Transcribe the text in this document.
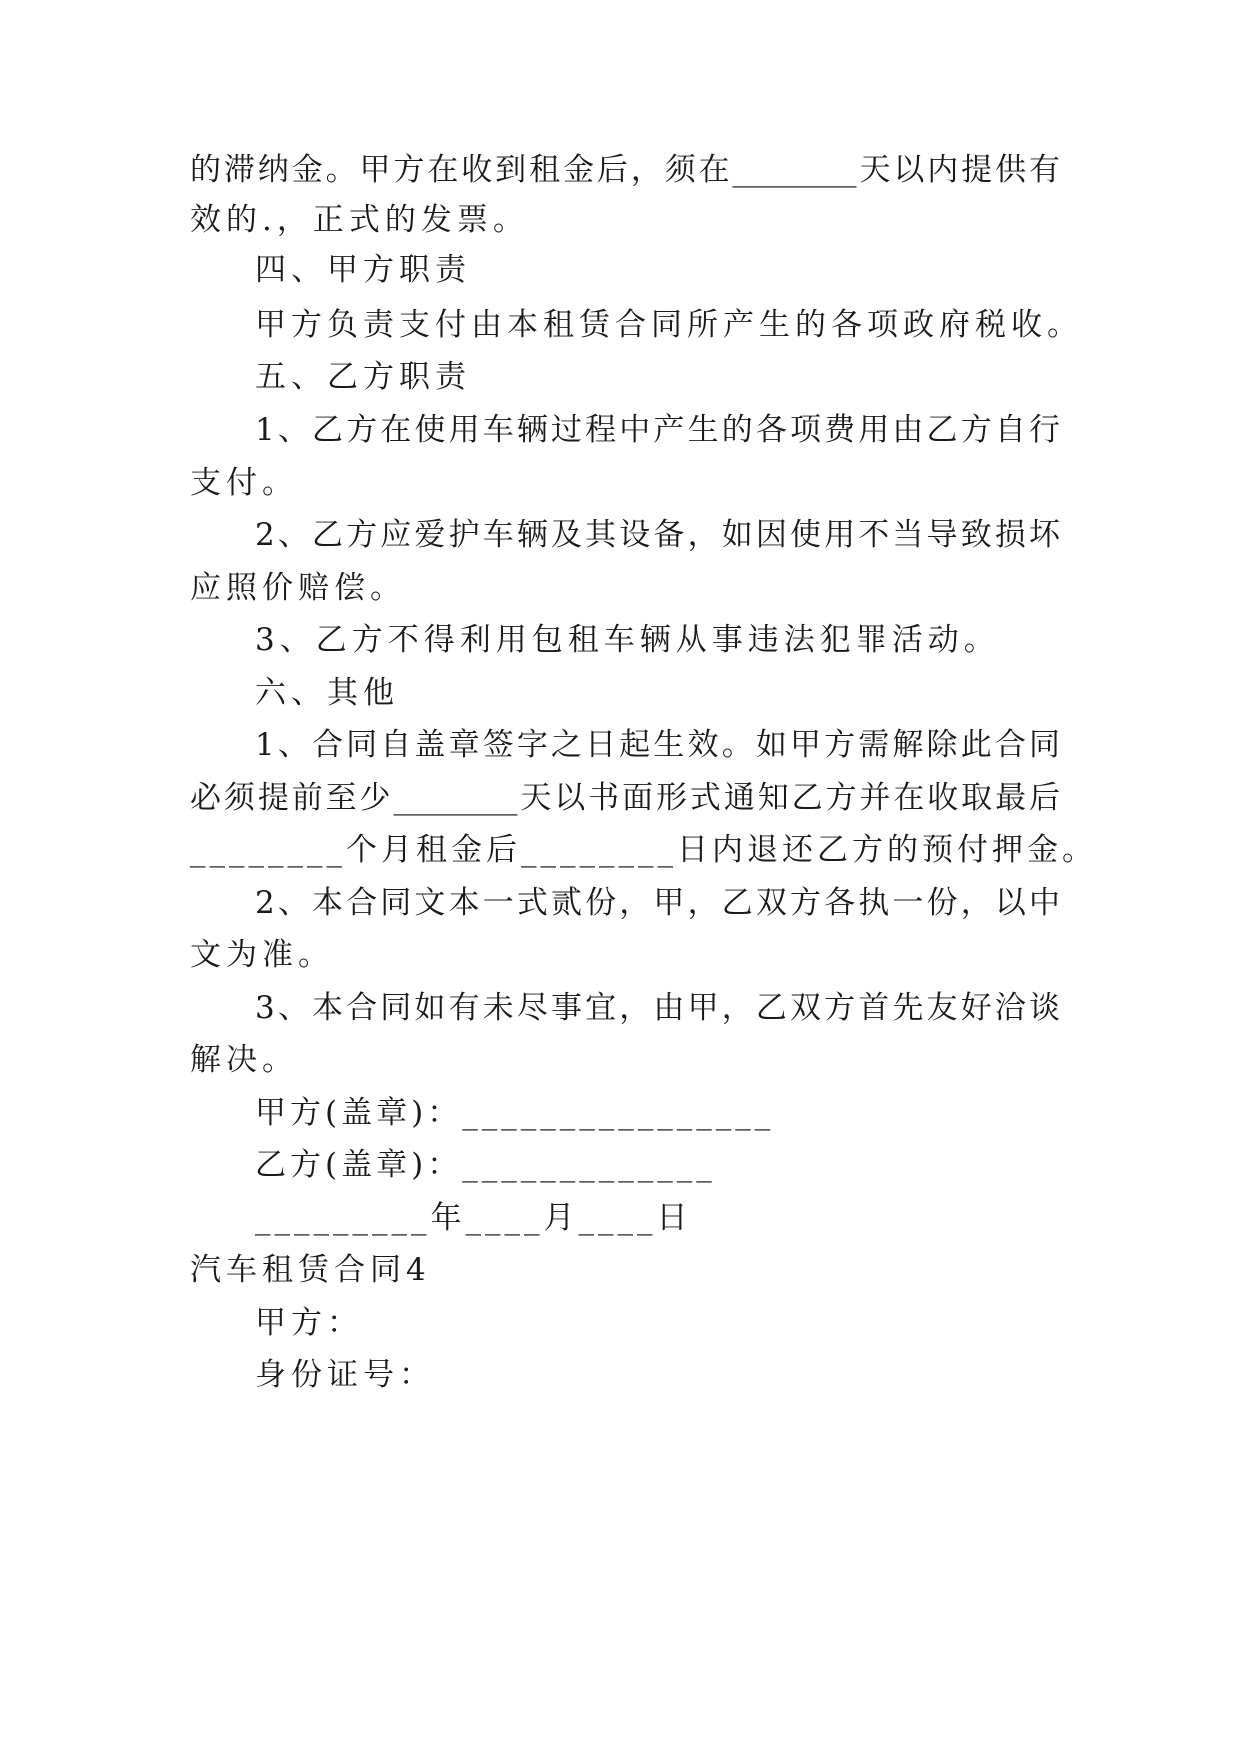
的滞纳金。甲方在收到租金后，须在________天以内提供有
效的.，正式的发票。
四、甲方职责
甲方负责支付由本租赁合同所产生的各项政府税收。
五、乙方职责
1、乙方在使用车辆过程中产生的各项费用由乙方自行
支付。
2、乙方应爱护车辆及其设备，如因使用不当导致损坏
应照价赔偿。
3、乙方不得利用包租车辆从事违法犯罪活动。
六、其他
1、合同自盖章签字之日起生效。如甲方需解除此合同
必须提前至少________天以书面形式通知乙方并在收取最后
________个月租金后________日内退还乙方的预付押金。
2、本合同文本一式贰份，甲，乙双方各执一份，以中
文为准。
3、本合同如有未尽事宜，由甲，乙双方首先友好洽谈
解决。
甲方(盖章)：________________
乙方(盖章)：_____________
_________年____月____日
汽车租赁合同4
甲方：
身份证号：
